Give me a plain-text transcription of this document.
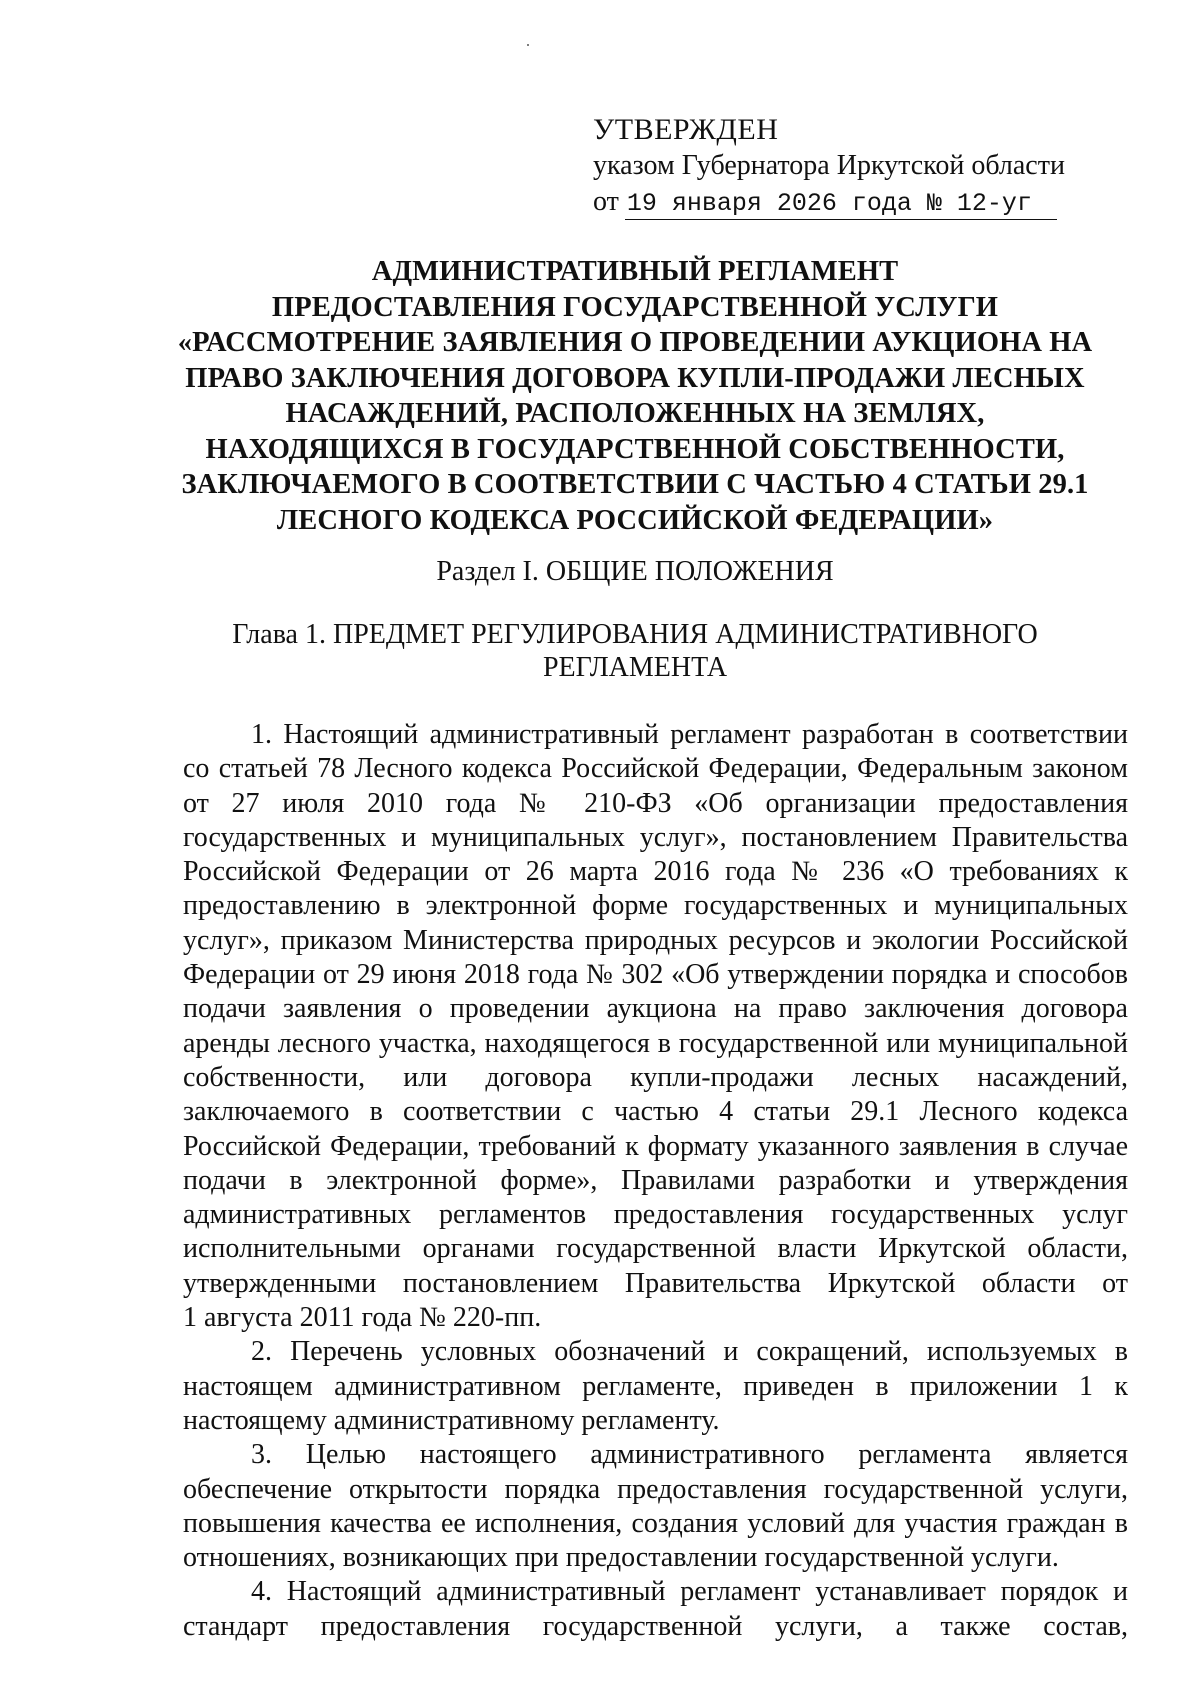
УТВЕРЖДЕН
указом Губернатора Иркутской области
от 19 января 2026 года № 12-уг
АДМИНИСТРАТИВНЫЙ РЕГЛАМЕНТ
ПРЕДОСТАВЛЕНИЯ ГОСУДАРСТВЕННОЙ УСЛУГИ
«РАССМОТРЕНИЕ ЗАЯВЛЕНИЯ О ПРОВЕДЕНИИ АУКЦИОНА НА
ПРАВО ЗАКЛЮЧЕНИЯ ДОГОВОРА КУПЛИ-ПРОДАЖИ ЛЕСНЫХ
НАСАЖДЕНИЙ, РАСПОЛОЖЕННЫХ НА ЗЕМЛЯХ,
НАХОДЯЩИХСЯ В ГОСУДАРСТВЕННОЙ СОБСТВЕННОСТИ,
ЗАКЛЮЧАЕМОГО В СООТВЕТСТВИИ С ЧАСТЬЮ 4 СТАТЬИ 29.1
ЛЕСНОГО КОДЕКСА РОССИЙСКОЙ ФЕДЕРАЦИИ»
Раздел I. ОБЩИЕ ПОЛОЖЕНИЯ
Глава 1. ПРЕДМЕТ РЕГУЛИРОВАНИЯ АДМИНИСТРАТИВНОГО
РЕГЛАМЕНТА
1. Настоящий административный регламент разработан в соответствии
со статьей 78 Лесного кодекса Российской Федерации, Федеральным законом
от 27 июля 2010 года № 210-ФЗ «Об организации предоставления
государственных и муниципальных услуг», постановлением Правительства
Российской Федерации от 26 марта 2016 года № 236 «О требованиях к
предоставлению в электронной форме государственных и муниципальных
услуг», приказом Министерства природных ресурсов и экологии Российской
Федерации от 29 июня 2018 года № 302 «Об утверждении порядка и способов
подачи заявления о проведении аукциона на право заключения договора
аренды лесного участка, находящегося в государственной или муниципальной
собственности, или договора купли-продажи лесных насаждений,
заключаемого в соответствии с частью 4 статьи 29.1 Лесного кодекса
Российской Федерации, требований к формату указанного заявления в случае
подачи в электронной форме», Правилами разработки и утверждения
административных регламентов предоставления государственных услуг
исполнительными органами государственной власти Иркутской области,
утвержденными постановлением Правительства Иркутской области от
1 августа 2011 года № 220-пп.
2. Перечень условных обозначений и сокращений, используемых в
настоящем административном регламенте, приведен в приложении 1 к
настоящему административному регламенту.
3. Целью настоящего административного регламента является
обеспечение открытости порядка предоставления государственной услуги,
повышения качества ее исполнения, создания условий для участия граждан в
отношениях, возникающих при предоставлении государственной услуги.
4. Настоящий административный регламент устанавливает порядок и
стандарт предоставления государственной услуги, а также состав,
